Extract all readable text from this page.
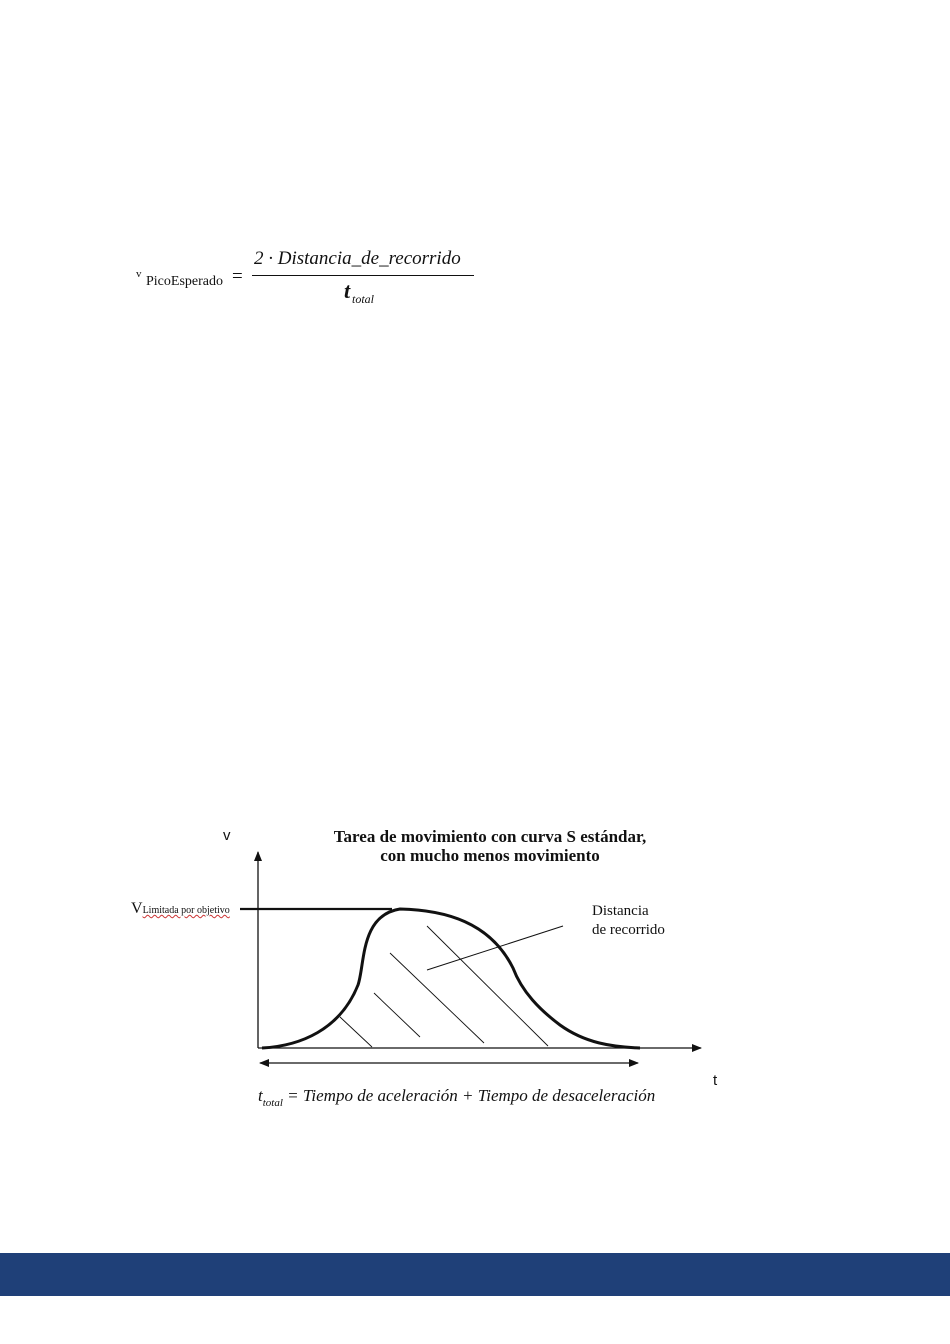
v PicoEsperado =
2 · Distancia_de_recorrido
t total
Tarea de movimiento con curva S estándar,
con mucho menos movimiento
v
t
VLimitada por objetivo	Distancia
de recorrido
$t_{total}$ = Tiempo de aceleración + Tiempo de desaceleración
